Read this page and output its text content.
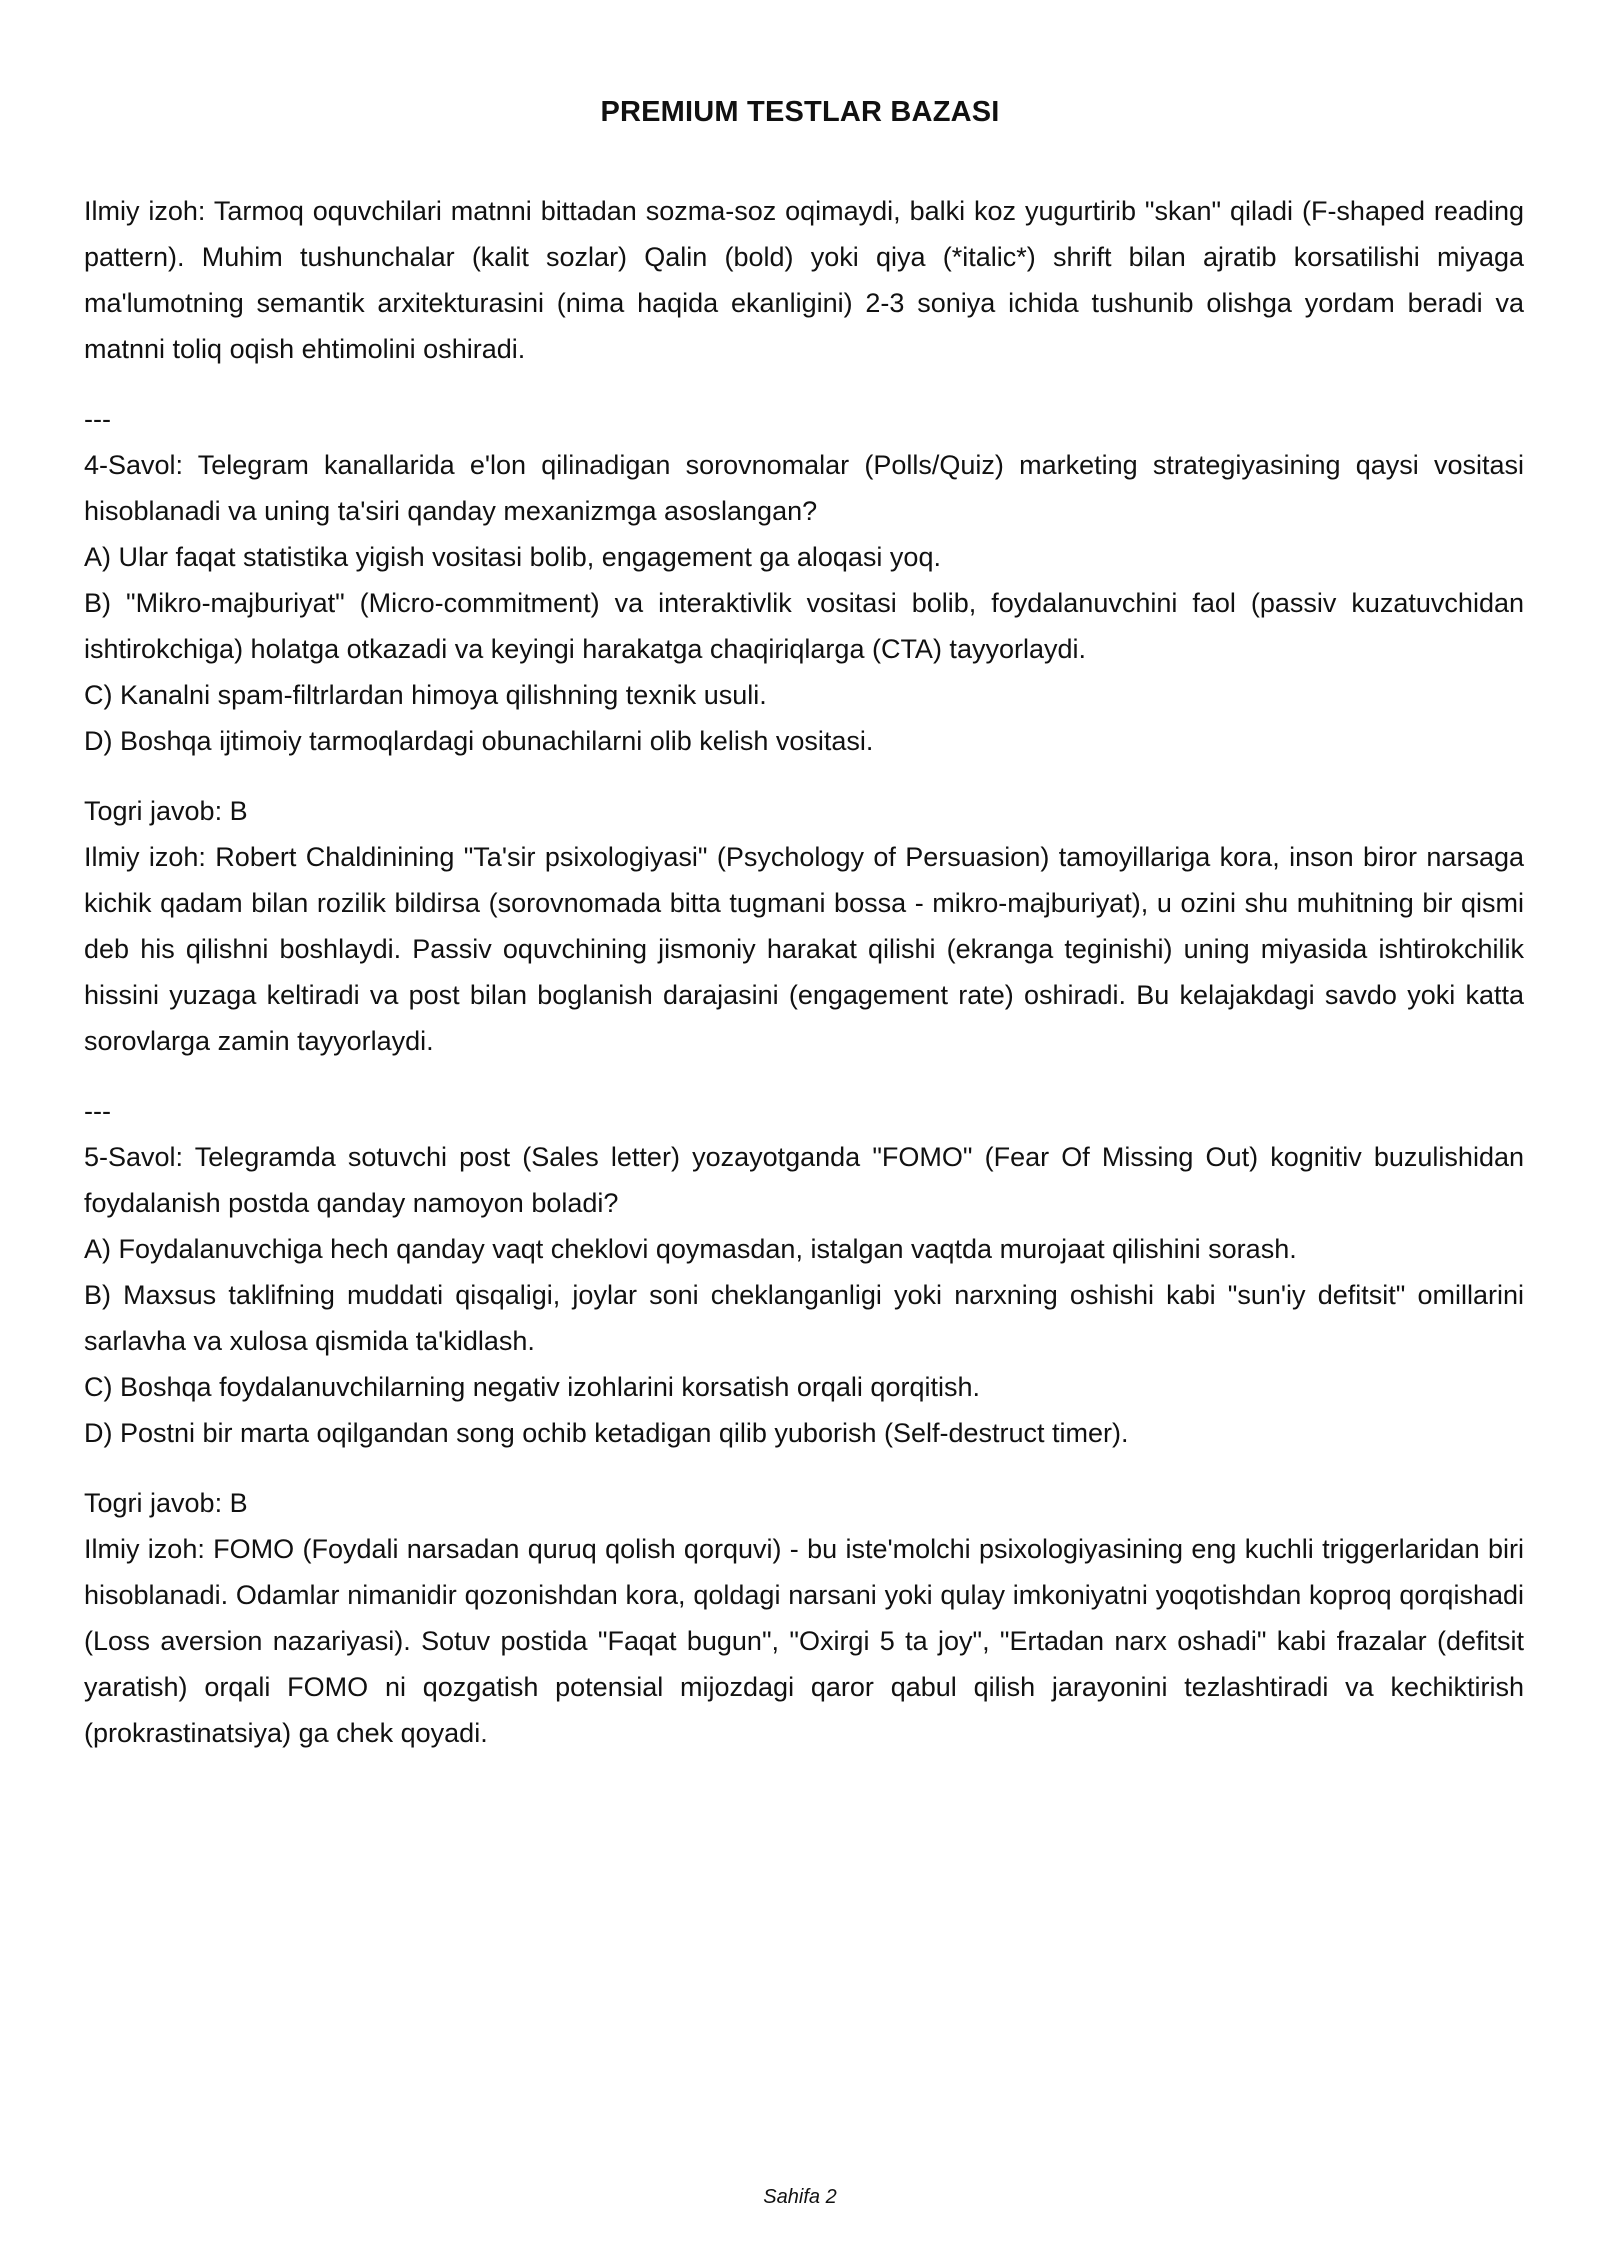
PREMIUM TESTLAR BAZASI

Ilmiy izoh: Tarmoq oquvchilari matnni bittadan sozma-soz oqimaydi, balki koz yugurtirib "skan" qiladi (F-shaped reading pattern). Muhim tushunchalar (kalit sozlar) Qalin (bold) yoki qiya (*italic*) shrift bilan ajratib korsatilishi miyaga ma'lumotning semantik arxitekturasini (nima haqida ekanligini) 2-3 soniya ichida tushunib olishga yordam beradi va matnni toliq oqish ehtimolini oshiradi.

---

4-Savol: Telegram kanallarida e'lon qilinadigan sorovnomalar (Polls/Quiz) marketing strategiyasining qaysi vositasi hisoblanadi va uning ta'siri qanday mexanizmga asoslangan?

A) Ular faqat statistika yigish vositasi bolib, engagement ga aloqasi yoq.

B) "Mikro-majburiyat" (Micro-commitment) va interaktivlik vositasi bolib, foydalanuvchini faol (passiv kuzatuvchidan ishtirokchiga) holatga otkazadi va keyingi harakatga chaqiriqlarga (CTA) tayyorlaydi.

C) Kanalni spam-filtrlardan himoya qilishning texnik usuli.

D) Boshqa ijtimoiy tarmoqlardagi obunachilarni olib kelish vositasi.

Togri javob: B

Ilmiy izoh: Robert Chaldinining "Ta'sir psixologiyasi" (Psychology of Persuasion) tamoyillariga kora, inson biror narsaga kichik qadam bilan rozilik bildirsa (sorovnomada bitta tugmani bossa - mikro-majburiyat), u ozini shu muhitning bir qismi deb his qilishni boshlaydi. Passiv oquvchining jismoniy harakat qilishi (ekranga teginishi) uning miyasida ishtirokchilik hissini yuzaga keltiradi va post bilan boglanish darajasini (engagement rate) oshiradi. Bu kelajakdagi savdo yoki katta sorovlarga zamin tayyorlaydi.

---

5-Savol: Telegramda sotuvchi post (Sales letter) yozayotganda "FOMO" (Fear Of Missing Out) kognitiv buzulishidan foydalanish postda qanday namoyon boladi?

A) Foydalanuvchiga hech qanday vaqt cheklovi qoymasdan, istalgan vaqtda murojaat qilishini sorash.

B) Maxsus taklifning muddati qisqaligi, joylar soni cheklanganligi yoki narxning oshishi kabi "sun'iy defitsit" omillarini sarlavha va xulosa qismida ta'kidlash.

C) Boshqa foydalanuvchilarning negativ izohlarini korsatish orqali qorqitish.

D) Postni bir marta oqilgandan song ochib ketadigan qilib yuborish (Self-destruct timer).

Togri javob: B

Ilmiy izoh: FOMO (Foydali narsadan quruq qolish qorquvi) - bu iste'molchi psixologiyasining eng kuchli triggerlaridan biri hisoblanadi. Odamlar nimanidir qozonishdan kora, qoldagi narsani yoki qulay imkoniyatni yoqotishdan koproq qorqishadi (Loss aversion nazariyasi). Sotuv postida "Faqat bugun", "Oxirgi 5 ta joy", "Ertadan narx oshadi" kabi frazalar (defitsit yaratish) orqali FOMO ni qozgatish potensial mijozdagi qaror qabul qilish jarayonini tezlashtiradi va kechiktirish (prokrastinatsiya) ga chek qoyadi.

Sahifa 2
